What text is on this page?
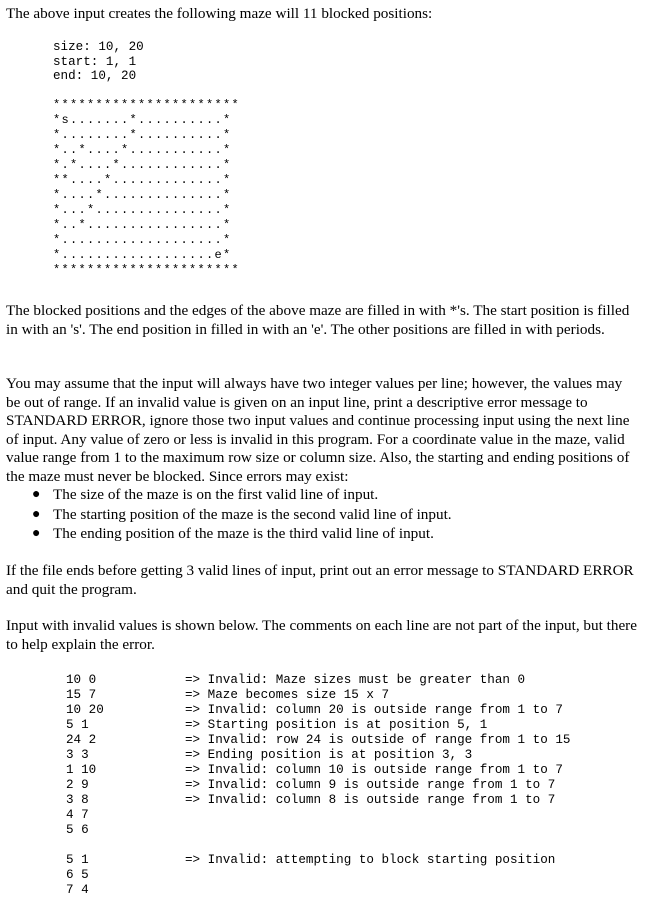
The above input creates the following maze will 11 blocked positions:

size: 10, 20
start: 1, 1
end: 10, 20
**********************
*s.......*..........*
*........*..........*
*..*....*...........*
*.*....*............*
**....*.............*
*....*..............*
*...*...............*
*..*................*
*...................*
*..................e*
**********************

The blocked positions and the edges of the above maze are filled in with *'s. The start position is filled in with an 's'. The end position in filled in with an 'e'. The other positions are filled in with periods.

You may assume that the input will always have two integer values per line; however, the values may be out of range. If an invalid value is given on an input line, print a descriptive error message to STANDARD ERROR, ignore those two input values and continue processing input using the next line of input. Any value of zero or less is invalid in this program. For a coordinate value in the maze, valid value range from 1 to the maximum row size or column size. Also, the starting and ending positions of the maze must never be blocked. Since errors may exist:

● The size of the maze is on the first valid line of input.
● The starting position of the maze is the second valid line of input.
● The ending position of the maze is the third valid line of input.

If the file ends before getting 3 valid lines of input, print out an error message to STANDARD ERROR and quit the program.

Input with invalid values is shown below. The comments on each line are not part of the input, but there to help explain the error.

10 0	=> Invalid: Maze sizes must be greater than 0
15 7	=> Maze becomes size 15 x 7
10 20	=> Invalid: column 20 is outside range from 1 to 7
5 1	=> Starting position is at position 5, 1
24 2	=> Invalid: row 24 is outside of range from 1 to 15
3 3	=> Ending position is at position 3, 3
1 10	=> Invalid: column 10 is outside range from 1 to 7
2 9	=> Invalid: column 9 is outside range from 1 to 7
3 8	=> Invalid: column 8 is outside range from 1 to 7
4 7
5 6
5 1	=> Invalid: attempting to block starting position
6 5
7 4
